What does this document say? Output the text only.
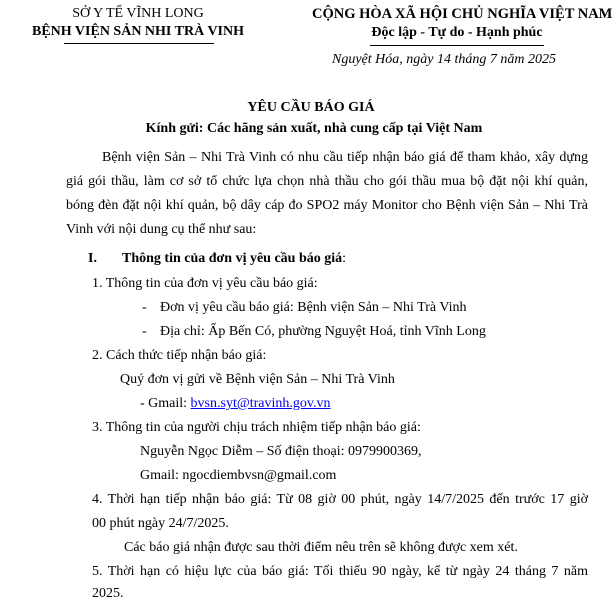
SỞ Y TẾ VĨNH LONG
BỆNH VIỆN SẢN NHI TRÀ VINH
CỘNG HÒA XÃ HỘI CHỦ NGHĨA VIỆT NAM
Độc lập - Tự do - Hạnh phúc
Nguyệt Hóa, ngày 14 tháng 7 năm 2025
YÊU CẦU BÁO GIÁ
Kính gửi: Các hãng sản xuất, nhà cung cấp tại Việt Nam
Bệnh viện Sản – Nhi Trà Vinh có nhu cầu tiếp nhận báo giá để tham khảo, xây dựng giá gói thầu, làm cơ sở tổ chức lựa chọn nhà thầu cho gói thầu mua bộ đặt nội khí quản, bóng đèn đặt nội khí quản, bộ dây cáp đo SPO2 máy Monitor cho Bệnh viện Sản – Nhi Trà Vinh với nội dung cụ thể như sau:
I. Thông tin của đơn vị yêu cầu báo giá:
1. Thông tin của đơn vị yêu cầu báo giá:
- Đơn vị yêu cầu báo giá: Bệnh viện Sản – Nhi Trà Vinh
- Địa chỉ: Ấp Bến Có, phường Nguyệt Hoá, tỉnh Vĩnh Long
2. Cách thức tiếp nhận báo giá:
Quý đơn vị gửi về Bệnh viện Sản – Nhi Trà Vinh
- Gmail: bvsn.syt@travinh.gov.vn
3. Thông tin của người chịu trách nhiệm tiếp nhận báo giá:
Nguyễn Ngọc Diễm – Số điện thoại: 0979900369,
Gmail: ngocdiembvsn@gmail.com
4. Thời hạn tiếp nhận báo giá: Từ 08 giờ 00 phút, ngày 14/7/2025 đến trước 17 giờ
00 phút ngày 24/7/2025.
Các báo giá nhận được sau thời điểm nêu trên sẽ không được xem xét.
5. Thời hạn có hiệu lực của báo giá: Tối thiểu 90 ngày, kể từ ngày 24 tháng 7 năm
2025.
